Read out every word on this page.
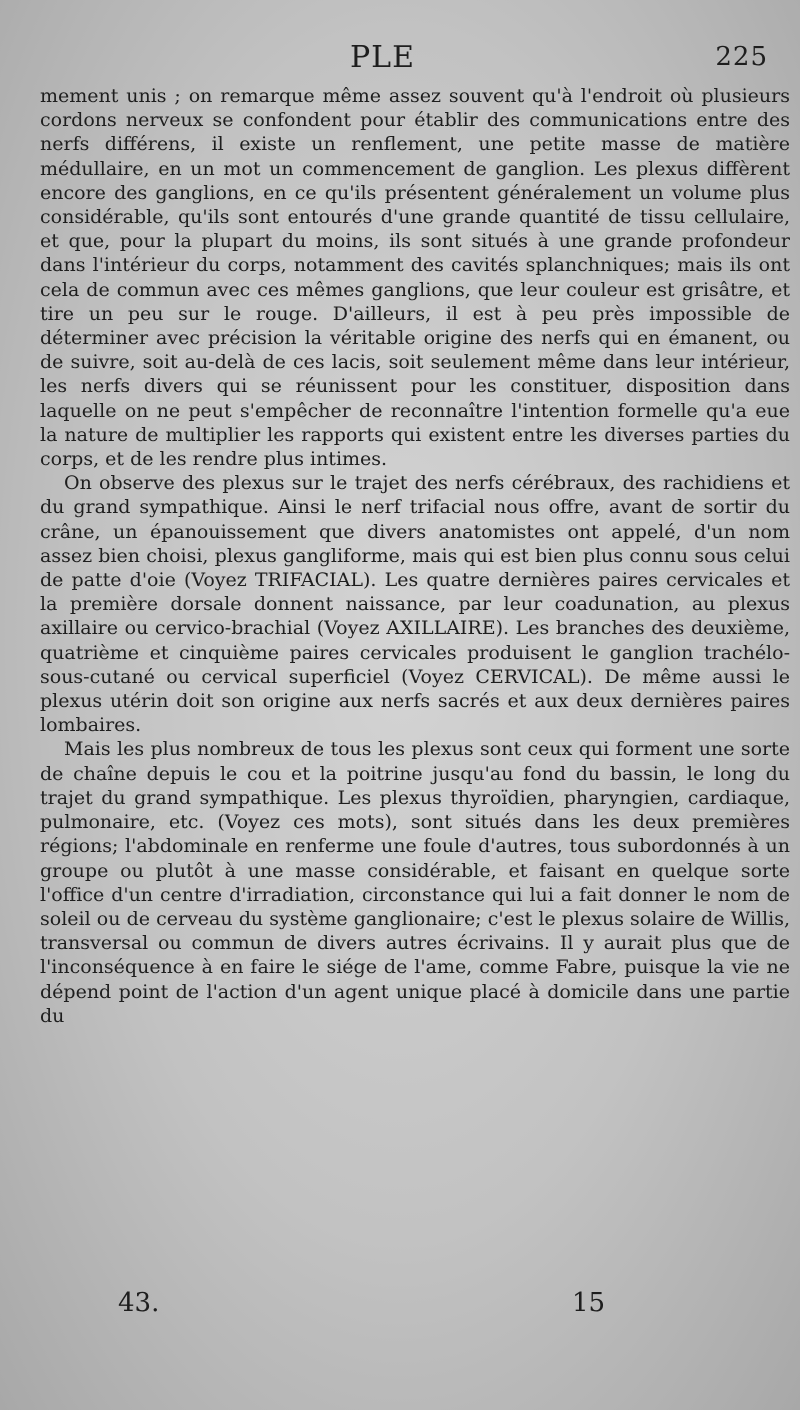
PLE	225

mement unis ; on remarque même assez souvent qu'à l'endroit où plusieurs cordons nerveux se confondent pour établir des communications entre des nerfs différens, il existe un renflement, une petite masse de matière médullaire, en un mot un commencement de ganglion. Les plexus diffèrent encore des ganglions, en ce qu'ils présentent généralement un volume plus considérable, qu'ils sont entourés d'une grande quantité de tissu cellulaire, et que, pour la plupart du moins, ils sont situés à une grande profondeur dans l'intérieur du corps, notamment des cavités splanchniques; mais ils ont cela de commun avec ces mêmes ganglions, que leur couleur est grisâtre, et tire un peu sur le rouge. D'ailleurs, il est à peu près impossible de déterminer avec précision la véritable origine des nerfs qui en émanent, ou de suivre, soit au-delà de ces lacis, soit seulement même dans leur intérieur, les nerfs divers qui se réunissent pour les constituer, disposition dans laquelle on ne peut s'empêcher de reconnaître l'intention formelle qu'a eue la nature de multiplier les rapports qui existent entre les diverses parties du corps, et de les rendre plus intimes.

On observe des plexus sur le trajet des nerfs cérébraux, des rachidiens et du grand sympathique. Ainsi le nerf trifacial nous offre, avant de sortir du crâne, un épanouissement que divers anatomistes ont appelé, d'un nom assez bien choisi, plexus gangliforme, mais qui est bien plus connu sous celui de patte d'oie (Voyez TRIFACIAL). Les quatre dernières paires cervicales et la première dorsale donnent naissance, par leur coadunation, au plexus axillaire ou cervico-brachial (Voyez AXILLAIRE). Les branches des deuxième, quatrième et cinquième paires cervicales produisent le ganglion trachélo-sous-cutané ou cervical superficiel (Voyez CERVICAL). De même aussi le plexus utérin doit son origine aux nerfs sacrés et aux deux dernières paires lombaires.

Mais les plus nombreux de tous les plexus sont ceux qui forment une sorte de chaîne depuis le cou et la poitrine jusqu'au fond du bassin, le long du trajet du grand sympathique. Les plexus thyroïdien, pharyngien, cardiaque, pulmonaire, etc. (Voyez ces mots), sont situés dans les deux premières régions; l'abdominale en renferme une foule d'autres, tous subordonnés à un groupe ou plutôt à une masse considérable, et faisant en quelque sorte l'office d'un centre d'irradiation, circonstance qui lui a fait donner le nom de soleil ou de cerveau du système ganglionaire; c'est le plexus solaire de Willis, transversal ou commun de divers autres écrivains. Il y aurait plus que de l'inconséquence à en faire le siége de l'ame, comme Fabre, puisque la vie ne dépend point de l'action d'un agent unique placé à domicile dans une partie du

43.	15
